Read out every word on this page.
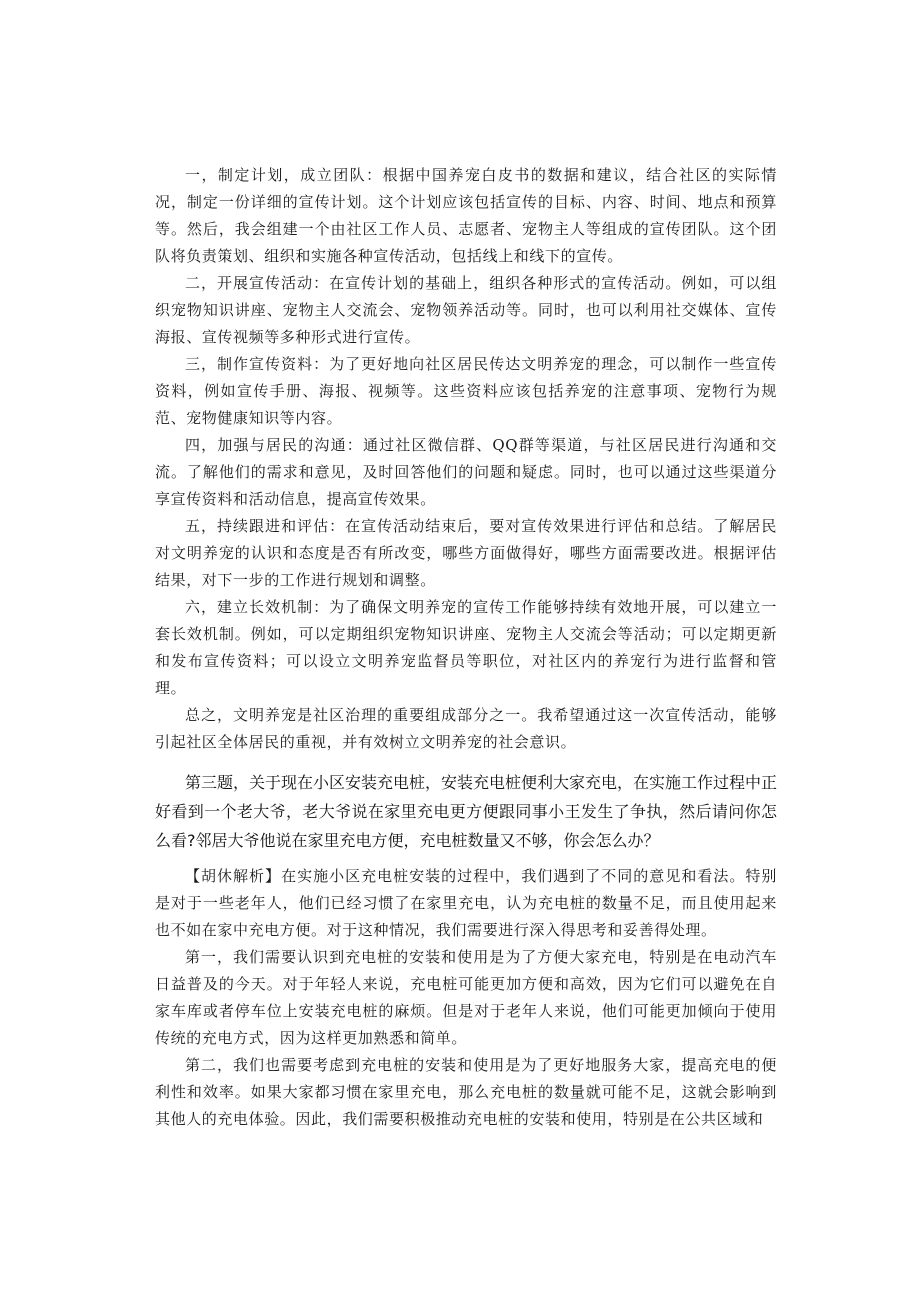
一，制定计划，成立团队：根据中国养宠白皮书的数据和建议，结合社区的实际情况，制定一份详细的宣传计划。这个计划应该包括宣传的目标、内容、时间、地点和预算等。然后，我会组建一个由社区工作人员、志愿者、宠物主人等组成的宣传团队。这个团队将负责策划、组织和实施各种宣传活动，包括线上和线下的宣传。

二，开展宣传活动：在宣传计划的基础上，组织各种形式的宣传活动。例如，可以组织宠物知识讲座、宠物主人交流会、宠物领养活动等。同时，也可以利用社交媒体、宣传海报、宣传视频等多种形式进行宣传。

三，制作宣传资料：为了更好地向社区居民传达文明养宠的理念，可以制作一些宣传资料，例如宣传手册、海报、视频等。这些资料应该包括养宠的注意事项、宠物行为规范、宠物健康知识等内容。

四，加强与居民的沟通：通过社区微信群、QQ群等渠道，与社区居民进行沟通和交流。了解他们的需求和意见，及时回答他们的问题和疑虑。同时，也可以通过这些渠道分享宣传资料和活动信息，提高宣传效果。

五，持续跟进和评估：在宣传活动结束后，要对宣传效果进行评估和总结。了解居民对文明养宠的认识和态度是否有所改变，哪些方面做得好，哪些方面需要改进。根据评估结果，对下一步的工作进行规划和调整。

六，建立长效机制：为了确保文明养宠的宣传工作能够持续有效地开展，可以建立一套长效机制。例如，可以定期组织宠物知识讲座、宠物主人交流会等活动；可以定期更新和发布宣传资料；可以设立文明养宠监督员等职位，对社区内的养宠行为进行监督和管理。

总之，文明养宠是社区治理的重要组成部分之一。我希望通过这一次宣传活动，能够引起社区全体居民的重视，并有效树立文明养宠的社会意识。

第三题，关于现在小区安装充电桩，安装充电桩便利大家充电，在实施工作过程中正好看到一个老大爷，老大爷说在家里充电更方便跟同事小王发生了争执，然后请问你怎么看?邻居大爷他说在家里充电方便，充电桩数量又不够，你会怎么办？

【胡休解析】在实施小区充电桩安装的过程中，我们遇到了不同的意见和看法。特别是对于一些老年人，他们已经习惯了在家里充电，认为充电桩的数量不足，而且使用起来也不如在家中充电方便。对于这种情况，我们需要进行深入得思考和妥善得处理。

第一，我们需要认识到充电桩的安装和使用是为了方便大家充电，特别是在电动汽车日益普及的今天。对于年轻人来说，充电桩可能更加方便和高效，因为它们可以避免在自家车库或者停车位上安装充电桩的麻烦。但是对于老年人来说，他们可能更加倾向于使用传统的充电方式，因为这样更加熟悉和简单。

第二，我们也需要考虑到充电桩的安装和使用是为了更好地服务大家，提高充电的便利性和效率。如果大家都习惯在家里充电，那么充电桩的数量就可能不足，这就会影响到其他人的充电体验。因此，我们需要积极推动充电桩的安装和使用，特别是在公共区域和
